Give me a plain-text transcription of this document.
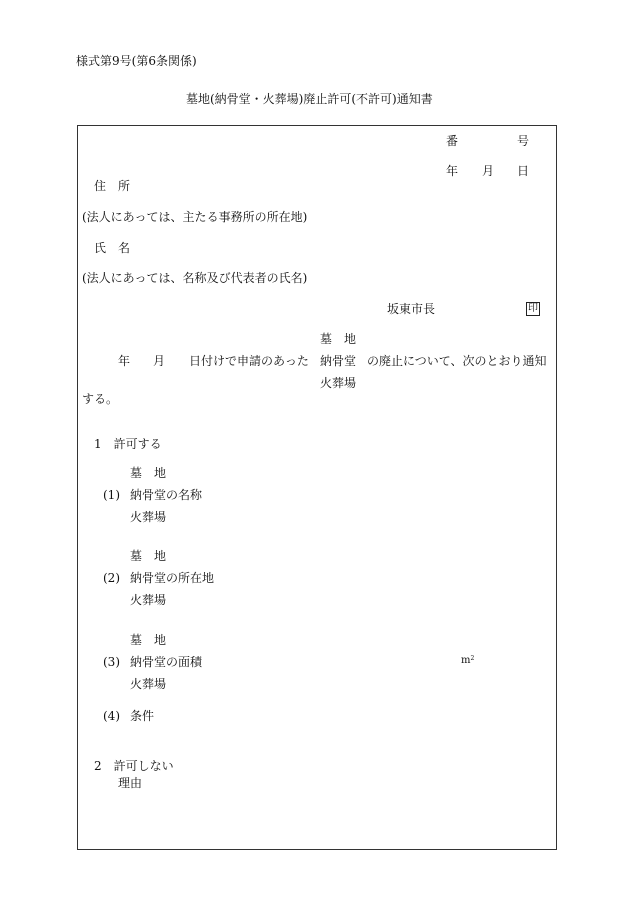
様式第9号(第6条関係)
墓地(納骨堂・火葬場)廃止許可(不許可)通知書
番	号
年 月 日
住　所
(法人にあっては、主たる事務所の所在地)
氏　名
(法人にあっては、名称及び代表者の氏名)
坂東市長	印
墓　地
年 月 日付けで申請のあった 納骨堂 の廃止について、次のとおり通知
火葬場
する。
1　許可する
墓　地
(1) 納骨堂の名称
火葬場
墓　地
(2) 納骨堂の所在地
火葬場
墓　地
(3) 納骨堂の面積	$m^2$
火葬場
(4) 条件
2　許可しない
理由
